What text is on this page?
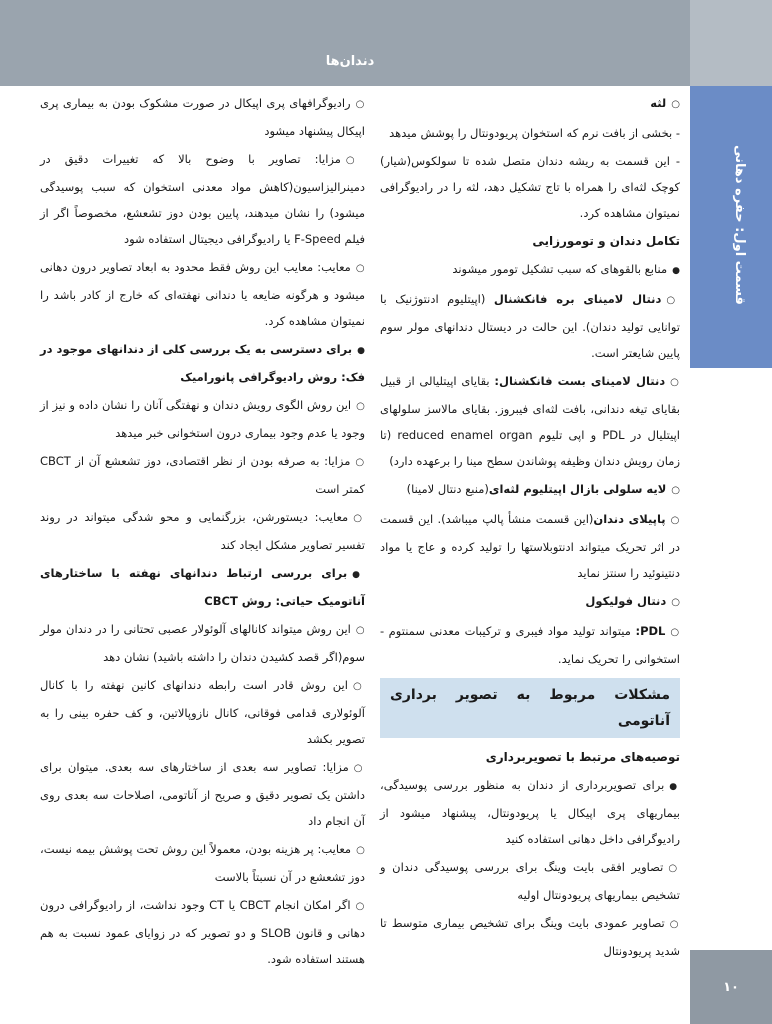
دندان‌ها
قسمت اول: حفره دهانی
۱۰

○ لثه

- بخشی از بافت نرم که استخوان پریودونتال را پوشش میدهد

- این قسمت به ریشه دندان متصل شده تا سولکوس(شیار) کوچک لثه‌ای را همراه با تاج تشکیل دهد، لثه را در رادیوگرافی نمیتوان مشاهده کرد.

تکامل دندان و تومورزایی

● منابع بالقوهای که سبب تشکیل تومور میشوند

○ دنتال لامینای بره فانکشنال (اپیتلیوم ادنتوژنیک با توانایی تولید دندان). این حالت در دیستال دندانهای مولر سوم پایین شایعتر است.

○ دنتال لامینای بست فانکشنال: بقایای اپیتلیالی از قبیل بقایای تیغه دندانی، بافت لثه‌ای فیبروز. بقایای مالاسز سلولهای اپیتلیال در PDL و اپی تلیوم reduced enamel organ (تا زمان رویش دندان وظیفه پوشاندن سطح مینا را برعهده دارد)

○ لایه سلولی بازال اپیتلیوم لثه‌ای(منبع دنتال لامینا)

○ پاپیلای دندان(این قسمت منشأ پالپ میباشد). این قسمت در اثر تحریک میتواند ادنتوبلاستها را تولید کرده و عاج یا مواد دنتینوئید را سنتز نماید

○ دنتال فولیکول

○ PDL: میتواند تولید مواد فیبری و ترکیبات معدنی سمنتوم - استخوانی را تحریک نماید.

مشکلات مربوط به تصویر برداری آناتومی

توصیه‌های مرتبط با تصویربرداری

● برای تصویربرداری از دندان به منظور بررسی پوسیدگی، بیماریهای پری اپیکال یا پریودونتال، پیشنهاد میشود از رادیوگرافی داخل دهانی استفاده کنید

○ تصاویر افقی بایت وینگ برای بررسی پوسیدگی دندان و تشخیص بیماریهای پریودونتال اولیه

○ تصاویر عمودی بایت وینگ برای تشخیص بیماری متوسط تا شدید پریودونتال

○ رادیوگرافهای پری اپیکال در صورت مشکوک بودن به بیماری پری اپیکال پیشنهاد میشود

○ مزایا: تصاویر با وضوح بالا که تغییرات دقیق در دمینرالیزاسیون(کاهش مواد معدنی استخوان که سبب پوسیدگی میشود) را نشان میدهند، پایین بودن دوز تشعشع، مخصوصاً اگر از فیلم F-Speed یا رادیوگرافی دیجیتال استفاده شود

○ معایب: معایب این روش فقط محدود به ابعاد تصاویر درون دهانی میشود و هرگونه ضایعه یا دندانی نهفته‌ای که خارج از کادر باشد را نمیتوان مشاهده کرد.

● برای دسترسی به یک بررسی کلی از دندانهای موجود در فک: روش رادیوگرافی پانورامیک

○ این روش الگوی رویش دندان و نهفتگی آنان را نشان داده و نیز از وجود یا عدم وجود بیماری درون استخوانی خبر میدهد

○ مزایا: به صرفه بودن از نظر اقتصادی، دوز تشعشع آن از CBCT کمتر است

○ معایب: دیستورشن، بزرگنمایی و محو شدگی میتواند در روند تفسیر تصاویر مشکل ایجاد کند

● برای بررسی ارتباط دندانهای نهفته با ساختارهای آناتومیک حیاتی: روش CBCT

○ این روش میتواند کانالهای آلوئولار عصبی تحتانی را در دندان مولر سوم(اگر قصد کشیدن دندان را داشته باشید) نشان دهد

○ این روش قادر است رابطه دندانهای کانین نهفته را با کانال آلوئولاری قدامی فوقانی، کانال نازوپالاتین، و کف حفره بینی را به تصویر بکشد

○ مزایا: تصاویر سه بعدی از ساختارهای سه بعدی. میتوان برای داشتن یک تصویر دقیق و صریح از آناتومی، اصلاحات سه بعدی روی آن انجام داد

○ معایب: پر هزینه بودن، معمولاً این روش تحت پوشش بیمه نیست، دوز تشعشع در آن نسبتاً بالاست

○ اگر امکان انجام CBCT یا CT وجود نداشت، از رادیوگرافی درون دهانی و قانون SLOB و دو تصویر که در زوایای عمود نسبت به هم هستند استفاده شود.
